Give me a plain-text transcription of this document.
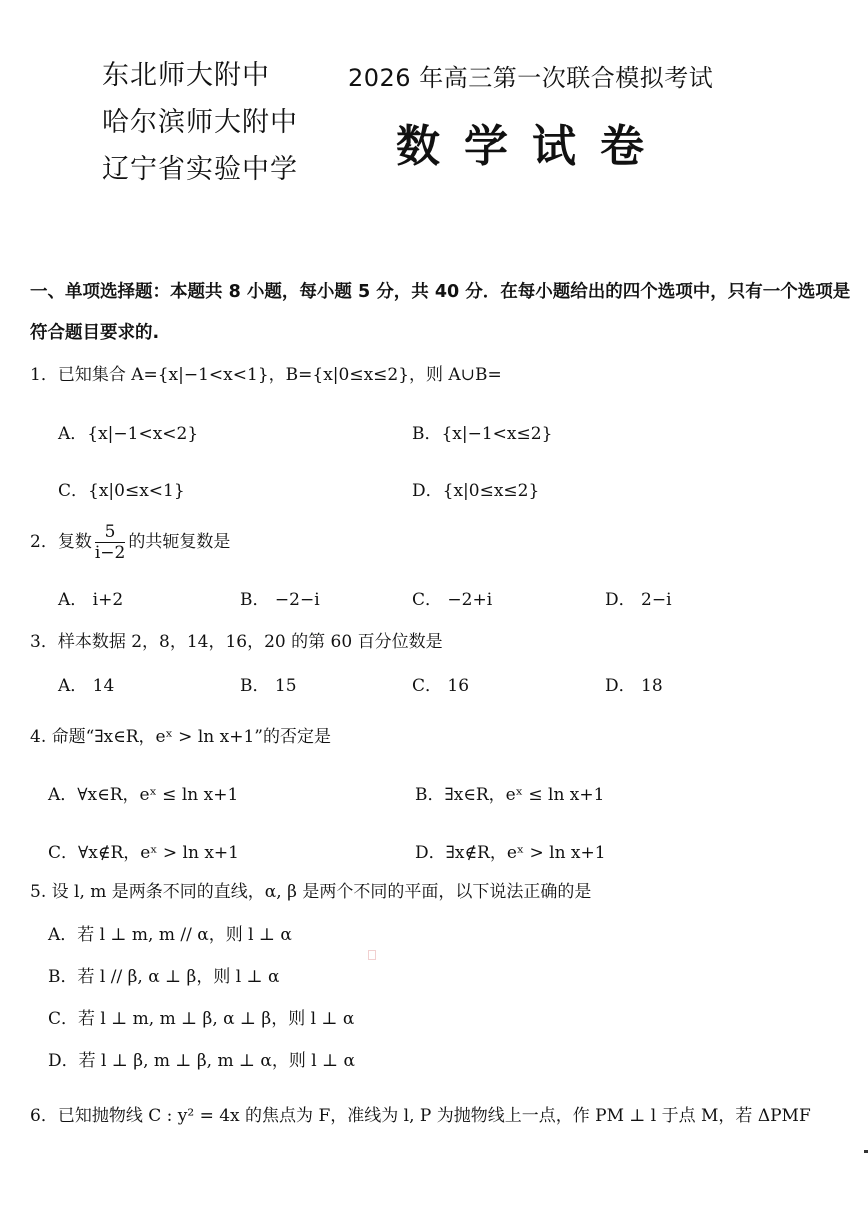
东北师大附中
哈尔滨师大附中
辽宁省实验中学
2026 年高三第一次联合模拟考试
数学试卷
一、单项选择题：本题共 8 小题，每小题 5 分，共 40 分．在每小题给出的四个选项中，只有一个选项是符合题目要求的.
1．已知集合 A={x|−1<x<1}，B={x|0≤x≤2}，则 A∪B=
A．{x|−1<x<2}	B．{x|−1<x≤2}
C．{x|0≤x<1}	D．{x|0≤x≤2}
2．复数 $\frac{5}{i-2}$ 的共轭复数是
A． i+2	B． −2−i	C． −2+i	D． 2−i
3．样本数据 2，8，14，16，20 的第 60 百分位数是
A． 14	B． 15	C． 16	D． 18
4. 命题“∃x∈R，eˣ > ln x+1”的否定是
A．∀x∈R，eˣ ≤ ln x+1	B．∃x∈R，eˣ ≤ ln x+1
C．∀x∉R，eˣ > ln x+1	D．∃x∉R，eˣ > ln x+1
5. 设 l, m 是两条不同的直线，α, β 是两个不同的平面，以下说法正确的是
A．若 l ⊥ m, m // α，则 l ⊥ α
B．若 l // β, α ⊥ β，则 l ⊥ α
C．若 l ⊥ m, m ⊥ β, α ⊥ β，则 l ⊥ α
D．若 l ⊥ β, m ⊥ β, m ⊥ α，则 l ⊥ α
6．已知抛物线 C : y² = 4x 的焦点为 F，准线为 l, P 为抛物线上一点，作 PM ⊥ l 于点 M，若 ΔPMF
